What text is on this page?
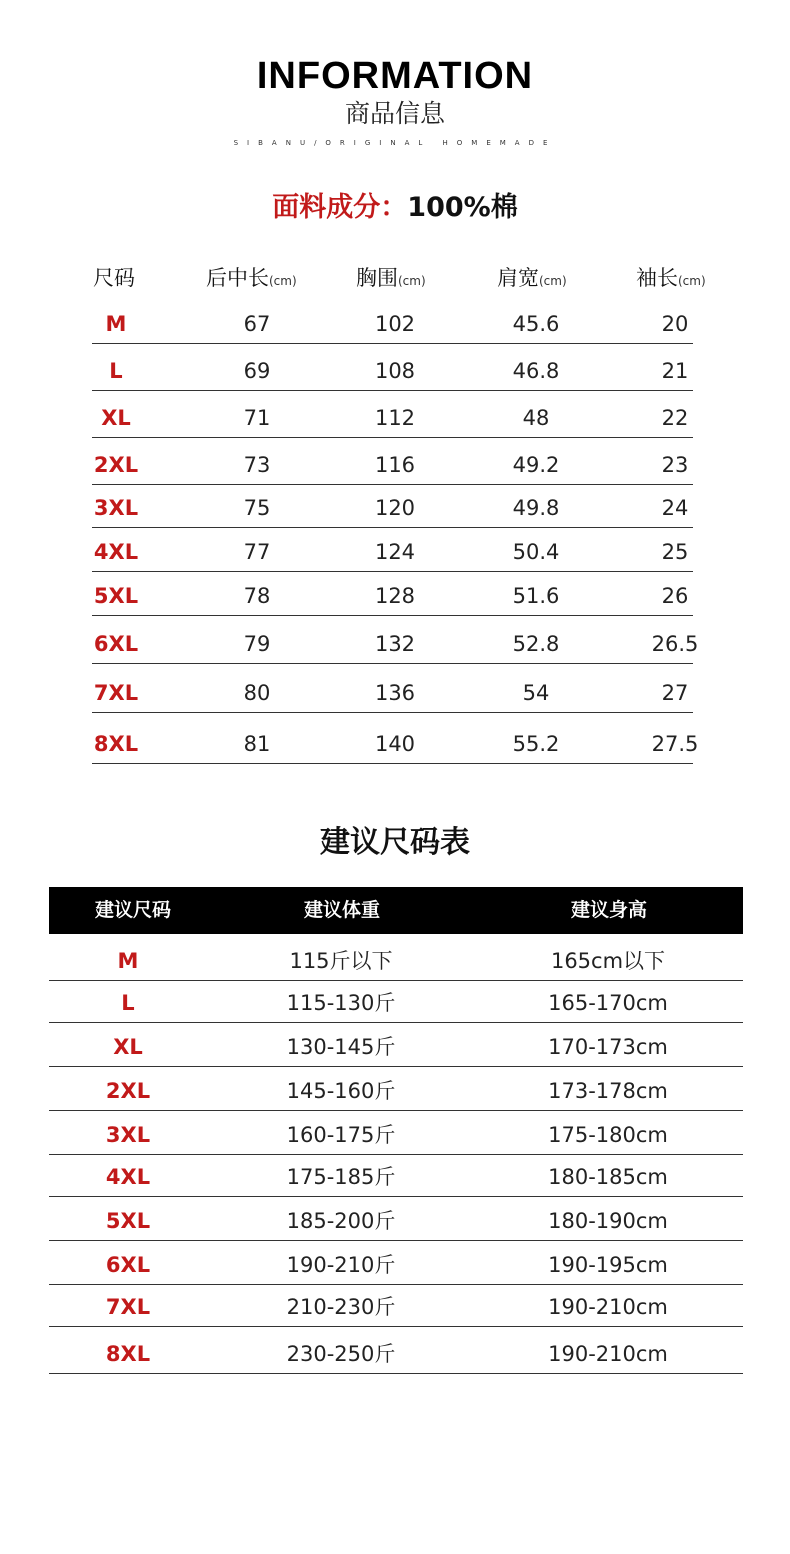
INFORMATION
商品信息
SIBANU/ORIGINAL HOMEMADE
面料成分：100%棉
尺码	后中长(cm)	胸围(cm)	肩宽(cm)	袖长(cm)
M	67	102	45.6	20
L	69	108	46.8	21
XL	71	112	48	22
2XL	73	116	49.2	23
3XL	75	120	49.8	24
4XL	77	124	50.4	25
5XL	78	128	51.6	26
6XL	79	132	52.8	26.5
7XL	80	136	54	27
8XL	81	140	55.2	27.5
建议尺码表
建议尺码	建议体重	建议身高
M	115斤以下	165cm以下
L	115-130斤	165-170cm
XL	130-145斤	170-173cm
2XL	145-160斤	173-178cm
3XL	160-175斤	175-180cm
4XL	175-185斤	180-185cm
5XL	185-200斤	180-190cm
6XL	190-210斤	190-195cm
7XL	210-230斤	190-210cm
8XL	230-250斤	190-210cm
